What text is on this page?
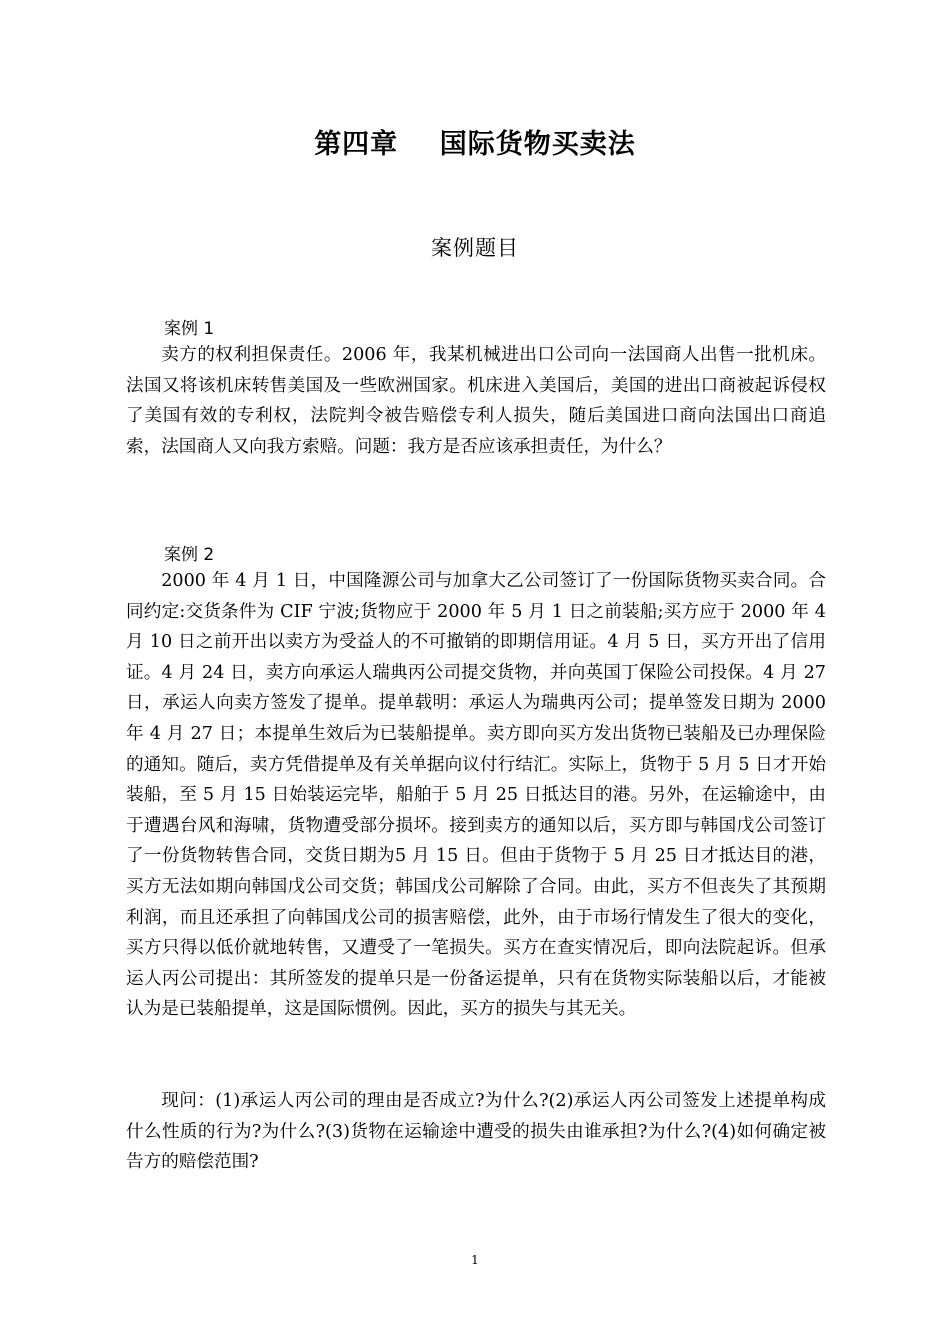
第四章    国际货物买卖法
案例题目
案例 1

卖方的权利担保责任。2006 年，我某机械进出口公司向一法国商人出售一批机床。法国又将该机床转售美国及一些欧洲国家。机床进入美国后，美国的进出口商被起诉侵权了美国有效的专利权，法院判令被告赔偿专利人损失，随后美国进口商向法国出口商追索，法国商人又向我方索赔。问题：我方是否应该承担责任，为什么？

案例 2

2000 年 4 月 1 日，中国隆源公司与加拿大乙公司签订了一份国际货物买卖合同。合同约定:交货条件为 CIF 宁波;货物应于 2000 年 5 月 1 日之前装船;买方应于 2000 年 4 月 10 日之前开出以卖方为受益人的不可撤销的即期信用证。4 月 5 日，买方开出了信用证。4 月 24 日，卖方向承运人瑞典丙公司提交货物，并向英国丁保险公司投保。4 月 27 日，承运人向卖方签发了提单。提单载明：承运人为瑞典丙公司；提单签发日期为 2000 年 4 月 27 日；本提单生效后为已装船提单。卖方即向买方发出货物已装船及已办理保险的通知。随后，卖方凭借提单及有关单据向议付行结汇。实际上，货物于 5 月 5 日才开始装船，至 5 月 15 日始装运完毕，船舶于 5 月 25 日抵达目的港。另外，在运输途中，由于遭遇台风和海啸，货物遭受部分损坏。接到卖方的通知以后，买方即与韩国戊公司签订了一份货物转售合同，交货日期为5 月 15 日。但由于货物于 5 月 25 日才抵达目的港，买方无法如期向韩国戊公司交货；韩国戊公司解除了合同。由此，买方不但丧失了其预期利润，而且还承担了向韩国戊公司的损害赔偿，此外，由于市场行情发生了很大的变化，买方只得以低价就地转售，又遭受了一笔损失。买方在查实情况后，即向法院起诉。但承运人丙公司提出：其所签发的提单只是一份备运提单，只有在货物实际装船以后，才能被认为是已装船提单，这是国际惯例。因此，买方的损失与其无关。

现问：(1)承运人丙公司的理由是否成立?为什么?(2)承运人丙公司签发上述提单构成什么性质的行为?为什么?(3)货物在运输途中遭受的损失由谁承担?为什么?(4)如何确定被告方的赔偿范围?

1
